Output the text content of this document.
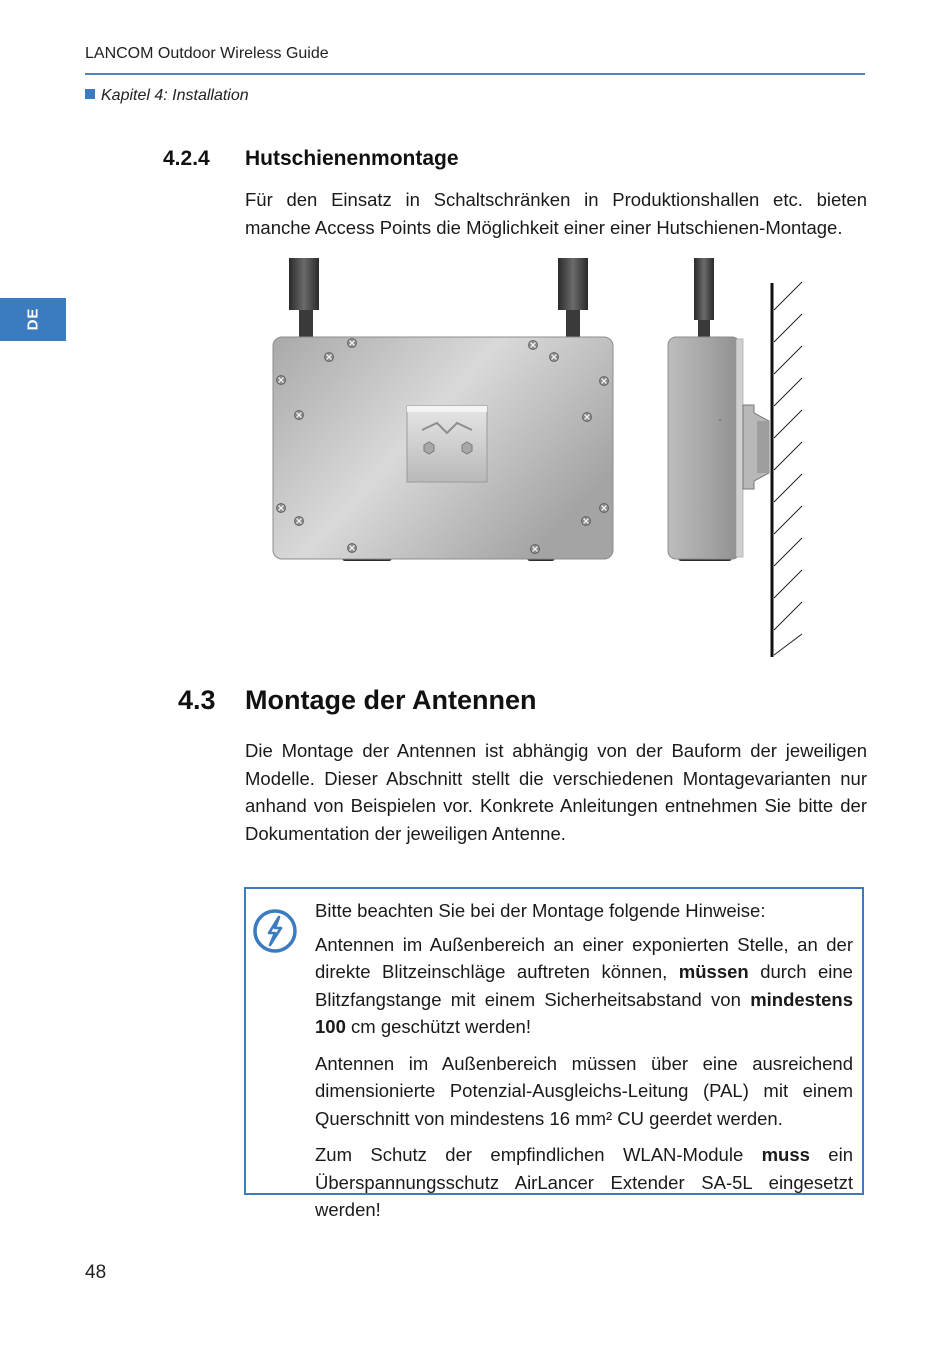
LANCOM Outdoor Wireless Guide
Kapitel 4: Installation
DE
4.2.4 Hutschienenmontage
Für den Einsatz in Schaltschränken in Produktionshallen etc. bieten manche Access Points die Möglichkeit einer einer Hutschienen-Montage.
4.3 Montage der Antennen
Die Montage der Antennen ist abhängig von der Bauform der jeweiligen Modelle. Dieser Abschnitt stellt die verschiedenen Montagevarianten nur anhand von Beispielen vor. Konkrete Anleitungen entnehmen Sie bitte der Dokumentation der jeweiligen Antenne.

Bitte beachten Sie bei der Montage folgende Hinweise:

Antennen im Außenbereich an einer exponierten Stelle, an der direkte Blitzeinschläge auftreten können, müssen durch eine Blitzfangstange mit einem Sicherheitsabstand von mindestens 100 cm geschützt werden!

Antennen im Außenbereich müssen über eine ausreichend dimensionierte Potenzial-Ausgleichs-Leitung (PAL) mit einem Querschnitt von mindestens 16 mm² CU geerdet werden.

Zum Schutz der empfindlichen WLAN-Module muss ein Überspannungsschutz AirLancer Extender SA-5L eingesetzt werden!

48
